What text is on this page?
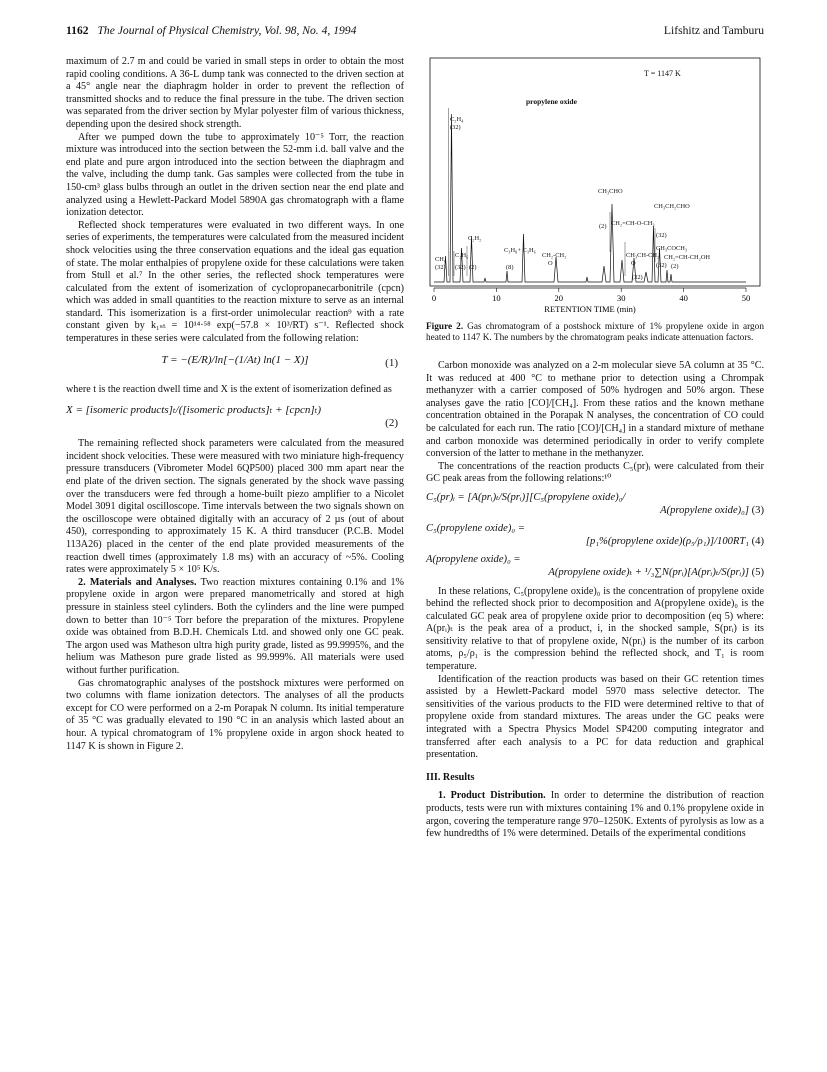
1162 The Journal of Physical Chemistry, Vol. 98, No. 4, 1994	Lifshitz and Tamburu

maximum of 2.7 m and could be varied in small steps in order to obtain the most rapid cooling conditions. A 36-L dump tank was connected to the driven section at a 45° angle near the diaphragm holder in order to prevent the reflection of transmitted shocks and to reduce the final pressure in the tube. The driven section was separated from the driver section by Mylar polyester film of various thickness, depending upon the desired shock strength.

After we pumped down the tube to approximately 10⁻⁵ Torr, the reaction mixture was introduced into the section between the 52-mm i.d. ball valve and the end plate and pure argon introduced into the section between the diaphragm and the valve, including the dump tank. Gas samples were collected from the tube in 150-cm³ glass bulbs through an outlet in the driven section near the end plate and analyzed using a Hewlett-Packard Model 5890A gas chromatograph with a flame ionization detector.

Reflected shock temperatures were evaluated in two different ways. In one series of experiments, the temperatures were calculated from the measured incident shock velocities using the three conservation equations and the ideal gas equation of state. The molar enthalpies of propylene oxide for these calculations were taken from Stull et al.⁷ In the other series, the reflected shock temperatures were calculated from the extent of isomerization of cyclopropanecarbonitrile (cpcn) which was added in small quantities to the reaction mixture to serve as an internal standard. This isomerization is a first-order unimolecular reaction⁹ with a rate constant given by k₁ₛₜ = 10¹⁴·⁵⁸ exp(−57.8 × 10³/RT) s⁻¹. Reflected shock temperatures in these series were calculated from the following relation:

T = −(E/R)/ln[−(1/At) ln(1 − X)]	(1)

where t is the reaction dwell time and X is the extent of isomerization defined as

X = [isomeric products]ₜ/([isomeric products]ₜ + [cpcn]ₜ)
(2)

The remaining reflected shock parameters were calculated from the measured incident shock velocities. These were measured with two miniature high-frequency pressure transducers (Vibrometer Model 6QP500) placed 300 mm apart near the end plate of the driven section. The signals generated by the shock wave passing over the transducers were fed through a home-built piezo amplifier to a Nicolet Model 3091 digital oscilloscope. Time intervals between the two signals shown on the oscilloscope were obtained digitally with an accuracy of 2 µs (out of about 450), corresponding to approximately 15 K. A third transducer (P.C.B. Model 113A26) placed in the center of the end plate provided measurements of the reaction dwell times (approximately 1.8 ms) with an accuracy of ~5%. Cooling rates were approximately 5 × 10⁵ K/s.

2. Materials and Analyses. Two reaction mixtures containing 0.1% and 1% propylene oxide in argon were prepared manometrically and stored at high pressure in stainless steel cylinders. Both the cylinders and the line were pumped down to better than 10⁻⁵ Torr before the preparation of the mixtures. Propylene oxide was obtained from B.D.H. Chemicals Ltd. and showed only one GC peak. The argon used was Matheson ultra high purity grade, listed as 99.9995%, and the helium was Matheson pure grade listed as 99.999%. All materials were used without further purification.

Gas chromatographic analyses of the postshock mixtures were performed on two columns with flame ionization detectors. The analyses of all the products except for CO were performed on a 2-m Porapak N column. Its initial temperature of 35 °C was gradually elevated to 190 °C in an analysis which lasted about an hour. A typical chromatogram of 1% propylene oxide in argon shock heated to 1147 K is shown in Figure 2.

T = 1147 K
propylene oxide
0	10	20	30	40	50
RETENTION TIME (min)
CH₄
(32)
C₂H₄
(32)
C₂H₆
(32)
C₂H₂
(2)
C₃H₈+ C₃H₆
(8)
CH₂-CH₂
O
CH₃CHO
(2) CH₂=CH-O-CH₃
CH₃CH-CH₂
O
(32)
CH₃CH₂CHO
(32)
CH₃COCH₃
(32)
CH₂=CH-CH₂OH
(2)
Figure 2. Gas chromatogram of a postshock mixture of 1% propylene oxide in argon heated to 1147 K. The numbers by the chromatogram peaks indicate attenuation factors.

Carbon monoxide was analyzed on a 2-m molecular sieve 5A column at 35 °C. It was reduced at 400 °C to methane prior to detection using a Chrompak methanyzer with a carrier composed of 50% hydrogen and 50% argon. These analyses gave the ratio [CO]/[CH₄]. From these ratios and the known methane concentration obtained in the Porapak N analyses, the concentration of CO could be calculated for each run. The ratio [CO]/[CH₄] in a standard mixture of methane and carbon monoxide was determined periodically in order to verify complete conversion of the latter to methane in the methanyzer.

The concentrations of the reaction products C₅(pr)ᵢ were calculated from their GC peak areas from the following relations:¹⁰

C₅(pr)ᵢ = [A(prᵢ)ₜ/S(prᵢ)][C₅(propylene oxide)₀/
A(propylene oxide)₀] (3)
C₅(propylene oxide)₀ =
[p₁%(propylene oxide)(ρ₅/ρ₁)]/100RT₁ (4)
A(propylene oxide)₀ =
A(propylene oxide)ₜ + ¹/₃∑N(prᵢ)[A(prᵢ)ₜ/S(prᵢ)] (5)

In these relations, C₅(propylene oxide)₀ is the concentration of propylene oxide behind the reflected shock prior to decomposition and A(propylene oxide)₀ is the calculated GC peak area of propylene oxide prior to decomposition (eq 5) where: A(prᵢ)ₜ is the peak area of a product, i, in the shocked sample, S(prᵢ) is its sensitivity relative to that of propylene oxide, N(prᵢ) is the number of its carbon atoms, ρ₅/ρ₁ is the compression behind the reflected shock, and T₁ is room temperature.

Identification of the reaction products was based on their GC retention times assisted by a Hewlett-Packard model 5970 mass selective detector. The sensitivities of the various products to the FID were determined reltive to that of propylene oxide from standard mixtures. The areas under the GC peaks were integrated with a Spectra Physics Model SP4200 computing integrator and transferred after each analysis to a PC for data reduction and graphical presentation.

III. Results

1. Product Distribution. In order to determine the distribution of reaction products, tests were run with mixtures containing 1% and 0.1% propylene oxide in argon, covering the temperature range 970–1250K. Extents of pyrolysis as low as a few hundredths of 1% were determined. Details of the experimental conditions
